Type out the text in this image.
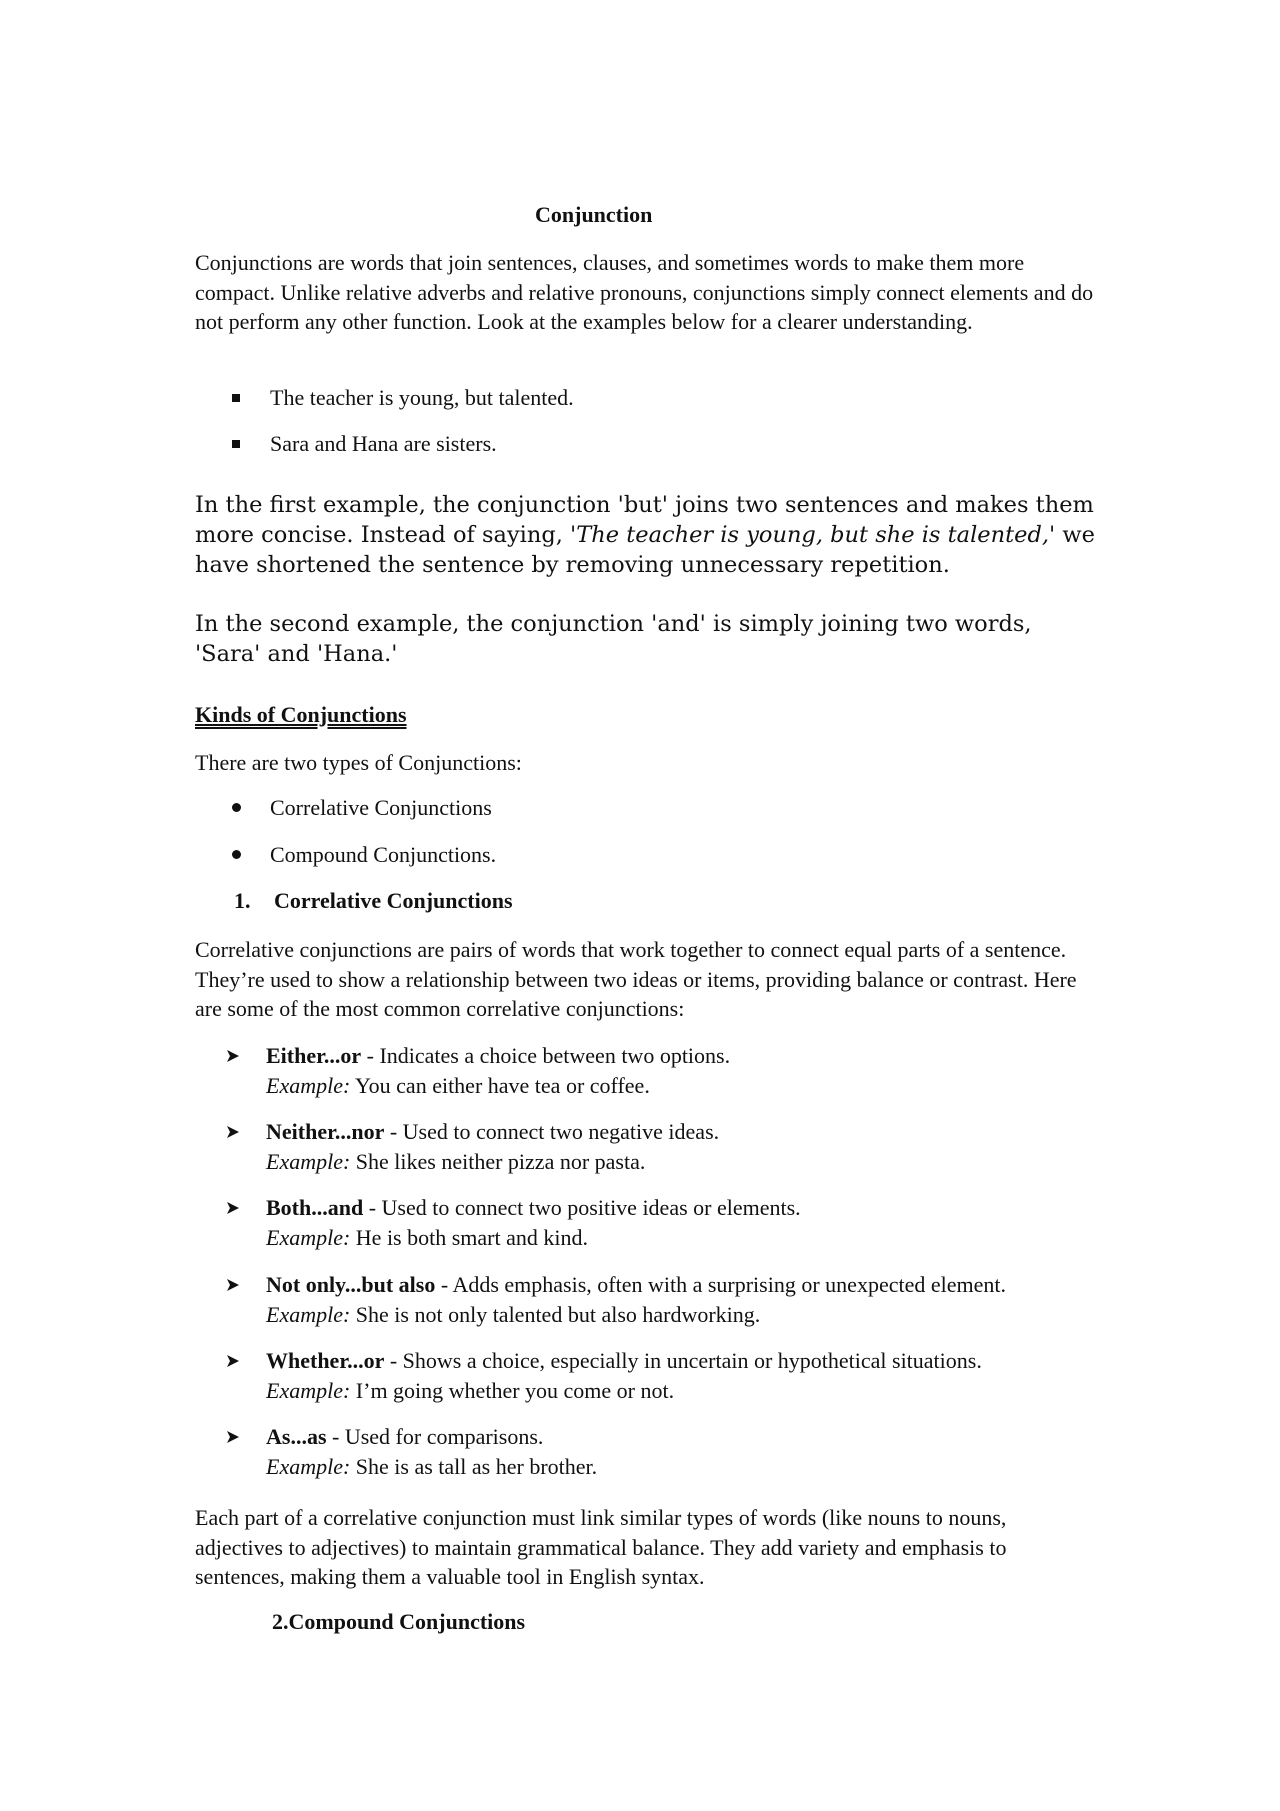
Conjunction
Conjunctions are words that join sentences, clauses, and sometimes words to make them more compact. Unlike relative adverbs and relative pronouns, conjunctions simply connect elements and do not perform any other function. Look at the examples below for a clearer understanding.
The teacher is young, but talented.
Sara and Hana are sisters.
In the first example, the conjunction 'but' joins two sentences and makes them more concise. Instead of saying, 'The teacher is young, but she is talented,' we have shortened the sentence by removing unnecessary repetition.
In the second example, the conjunction 'and' is simply joining two words, 'Sara' and 'Hana.'
Kinds of Conjunctions
There are two types of Conjunctions:
Correlative Conjunctions
Compound Conjunctions.
1. Correlative Conjunctions
Correlative conjunctions are pairs of words that work together to connect equal parts of a sentence. They’re used to show a relationship between two ideas or items, providing balance or contrast. Here are some of the most common correlative conjunctions:
Either...or - Indicates a choice between two options.
Example: You can either have tea or coffee.
Neither...nor - Used to connect two negative ideas.
Example: She likes neither pizza nor pasta.
Both...and - Used to connect two positive ideas or elements.
Example: He is both smart and kind.
Not only...but also - Adds emphasis, often with a surprising or unexpected element.
Example: She is not only talented but also hardworking.
Whether...or - Shows a choice, especially in uncertain or hypothetical situations.
Example: I’m going whether you come or not.
As...as - Used for comparisons.
Example: She is as tall as her brother.
Each part of a correlative conjunction must link similar types of words (like nouns to nouns, adjectives to adjectives) to maintain grammatical balance. They add variety and emphasis to sentences, making them a valuable tool in English syntax.
2.Compound Conjunctions
